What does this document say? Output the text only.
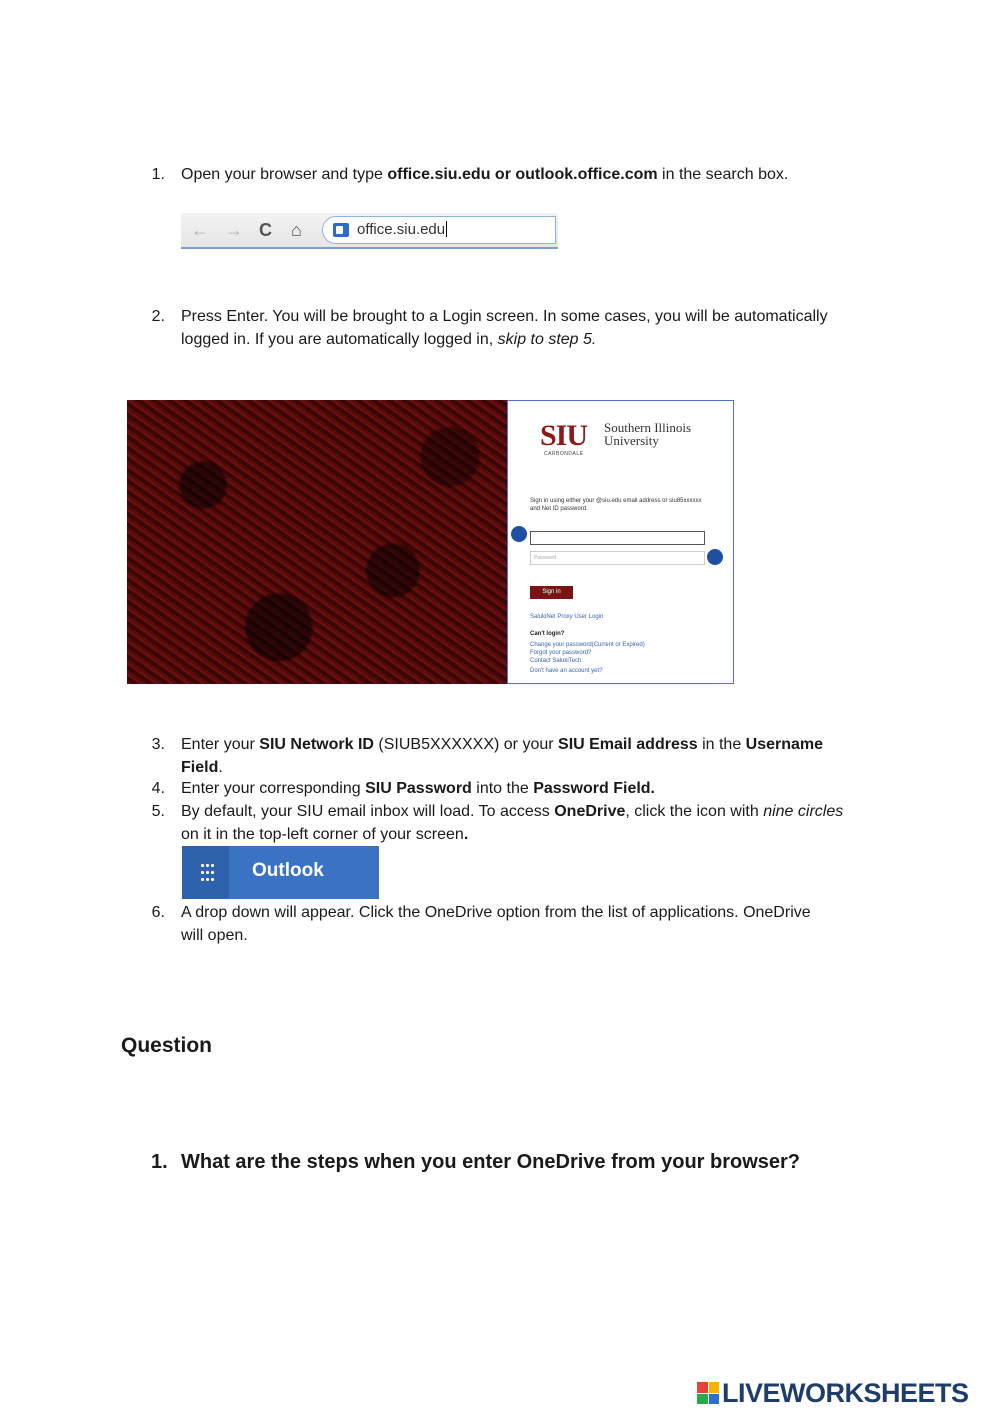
1. Open your browser and type office.siu.edu or outlook.office.com in the search box.
← → C ⌂	office.siu.edu
2. Press Enter. You will be brought to a Login screen. In some cases, you will be automatically
logged in. If you are automatically logged in, skip to step 5.
SIU Southern Illinois
University
CARBONDALE
Sign in using either your @siu.edu email address or siu85xxxxxx and Net ID password.
Password
Sign in
SalukiNet Proxy User Login
Can't login?
Change your password(Current or Expired)
Forgot your password?
Contact SalukiTech
Don't have an account yet?
3. Enter your SIU Network ID (SIUB5XXXXXX) or your SIU Email address in the Username
Field.
4. Enter your corresponding SIU Password into the Password Field.
5. By default, your SIU email inbox will load. To access OneDrive, click the icon with nine circles
on it in the top-left corner of your screen.
Outlook
6. A drop down will appear. Click the OneDrive option from the list of applications. OneDrive
will open.
Question
1. What are the steps when you enter OneDrive from your browser?
LIVEWORKSHEETS
